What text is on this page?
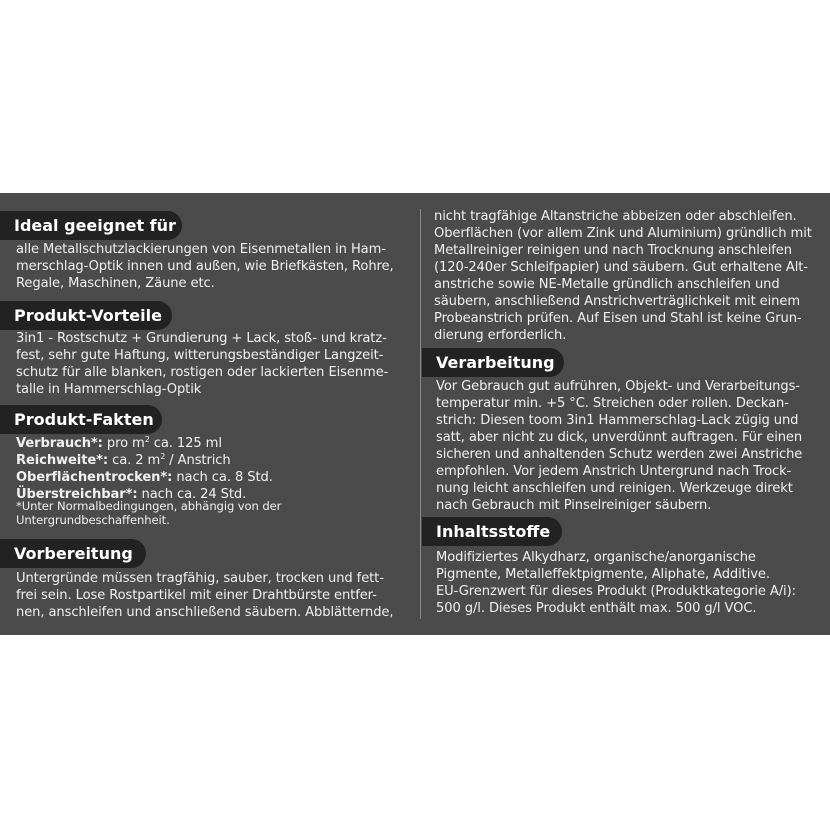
Ideal geeignet für
alle Metallschutzlackierungen von Eisenmetallen in Ham-
merschlag-Optik innen und außen, wie Briefkästen, Rohre,
Regale, Maschinen, Zäune etc.
Produkt-Vorteile
3in1 - Rostschutz + Grundierung + Lack, stoß- und kratz-
fest, sehr gute Haftung, witterungsbeständiger Langzeit-
schutz für alle blanken, rostigen oder lackierten Eisenme-
talle in Hammerschlag-Optik
Produkt-Fakten
Verbrauch*: pro $m^2$ ca. 125 ml
Reichweite*: ca. 2 $m^2$ / Anstrich
Oberflächentrocken*: nach ca. 8 Std.
Überstreichbar*: nach ca. 24 Std.
*Unter Normalbedingungen, abhängig von der
Untergrundbeschaffenheit.
Vorbereitung
Untergründe müssen tragfähig, sauber, trocken und fett-
frei sein. Lose Rostpartikel mit einer Drahtbürste entfer-
nen, anschleifen und anschließend säubern. Abblätternde,
nicht tragfähige Altanstriche abbeizen oder abschleifen.
Oberflächen (vor allem Zink und Aluminium) gründlich mit
Metallreiniger reinigen und nach Trocknung anschleifen
(120-240er Schleifpapier) und säubern. Gut erhaltene Alt-
anstriche sowie NE-Metalle gründlich anschleifen und
säubern, anschließend Anstrichverträglichkeit mit einem
Probeanstrich prüfen. Auf Eisen und Stahl ist keine Grun-
dierung erforderlich.
Verarbeitung
Vor Gebrauch gut aufrühren, Objekt- und Verarbeitungs-
temperatur min. +5 °C. Streichen oder rollen. Deckan-
strich: Diesen toom 3in1 Hammerschlag-Lack zügig und
satt, aber nicht zu dick, unverdünnt auftragen. Für einen
sicheren und anhaltenden Schutz werden zwei Anstriche
empfohlen. Vor jedem Anstrich Untergrund nach Trock-
nung leicht anschleifen und reinigen. Werkzeuge direkt
nach Gebrauch mit Pinselreiniger säubern.
Inhaltsstoffe
Modifiziertes Alkydharz, organische/anorganische
Pigmente, Metalleffektpigmente, Aliphate, Additive.
EU-Grenzwert für dieses Produkt (Produktkategorie A/i):
500 g/l. Dieses Produkt enthält max. 500 g/l VOC.
